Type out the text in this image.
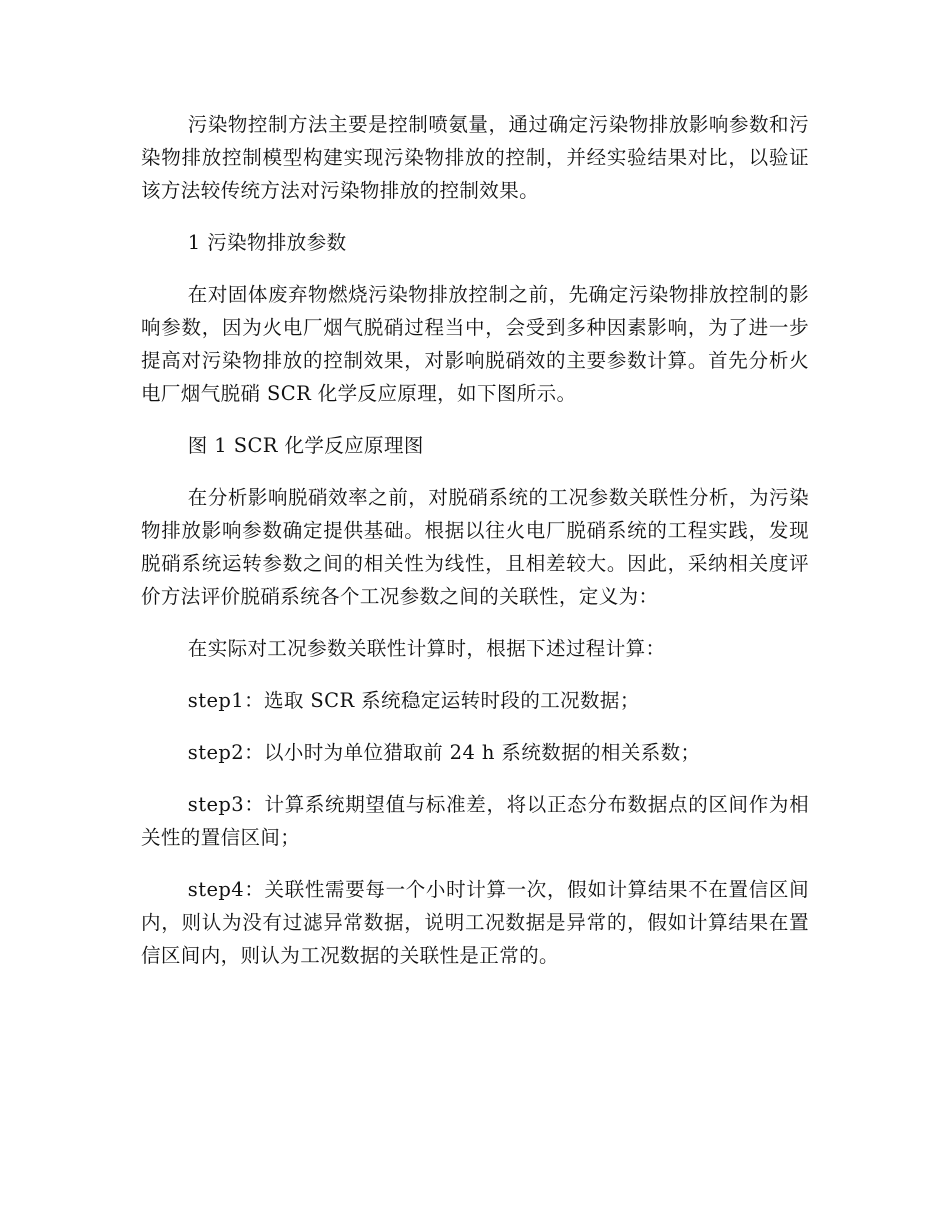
污染物控制方法主要是控制喷氨量，通过确定污染物排放影响参数和污染物排放控制模型构建实现污染物排放的控制，并经实验结果对比，以验证该方法较传统方法对污染物排放的控制效果。

1 污染物排放参数

在对固体废弃物燃烧污染物排放控制之前，先确定污染物排放控制的影响参数，因为火电厂烟气脱硝过程当中，会受到多种因素影响，为了进一步提高对污染物排放的控制效果，对影响脱硝效的主要参数计算。首先分析火电厂烟气脱硝 SCR 化学反应原理，如下图所示。

图 1 SCR 化学反应原理图

在分析影响脱硝效率之前，对脱硝系统的工况参数关联性分析，为污染物排放影响参数确定提供基础。根据以往火电厂脱硝系统的工程实践，发现脱硝系统运转参数之间的相关性为线性，且相差较大。因此，采纳相关度评价方法评价脱硝系统各个工况参数之间的关联性，定义为：

在实际对工况参数关联性计算时，根据下述过程计算：

step1：选取 SCR 系统稳定运转时段的工况数据；

step2：以小时为单位猎取前 24 h 系统数据的相关系数；

step3：计算系统期望值与标准差，将以正态分布数据点的区间作为相关性的置信区间；

step4：关联性需要每一个小时计算一次，假如计算结果不在置信区间内，则认为没有过滤异常数据，说明工况数据是异常的，假如计算结果在置信区间内，则认为工况数据的关联性是正常的。
